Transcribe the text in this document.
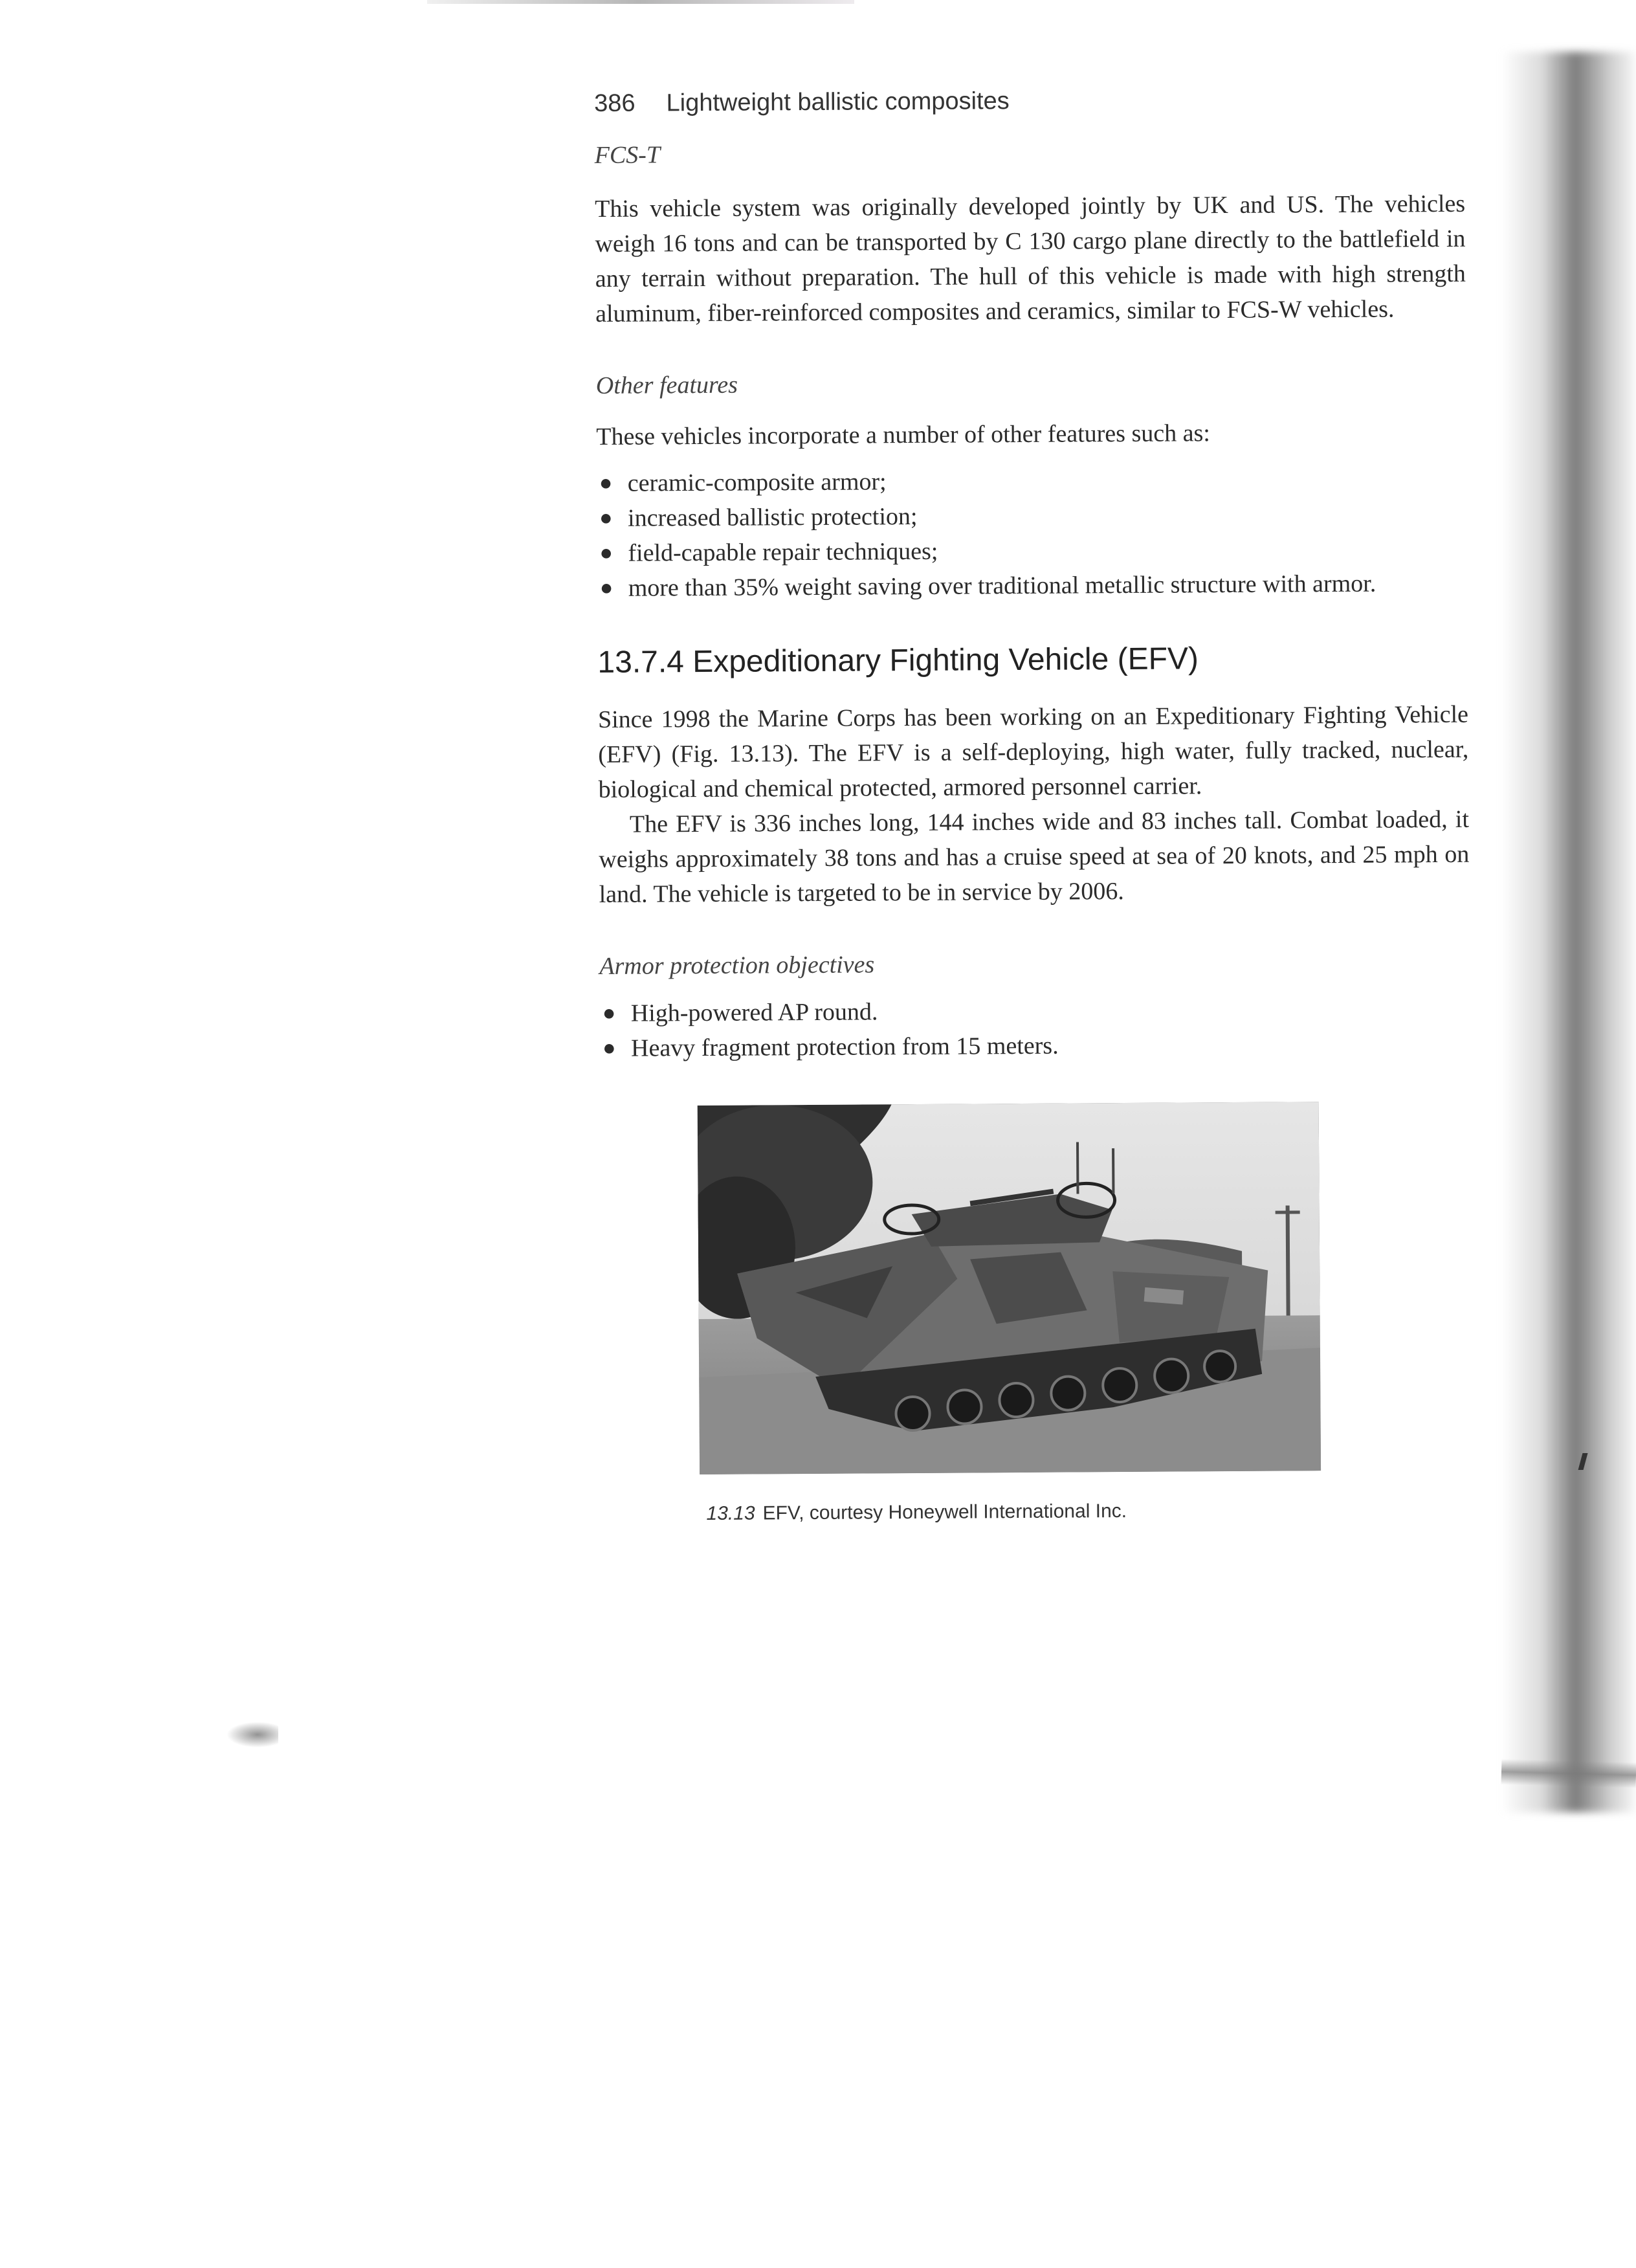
386 Lightweight ballistic composites
FCS-T

This vehicle system was originally developed jointly by UK and US. The vehicles weigh 16 tons and can be transported by C 130 cargo plane directly to the battlefield in any terrain without preparation. The hull of this vehicle is made with high strength aluminum, fiber-reinforced composites and ceramics, similar to FCS-W vehicles.

Other features

These vehicles incorporate a number of other features such as:

● ceramic-composite armor;
● increased ballistic protection;
● field-capable repair techniques;
● more than 35% weight saving over traditional metallic structure with armor.
13.7.4 Expeditionary Fighting Vehicle (EFV)

Since 1998 the Marine Corps has been working on an Expeditionary Fighting Vehicle (EFV) (Fig. 13.13). The EFV is a self-deploying, high water, fully tracked, nuclear, biological and chemical protected, armored personnel carrier.

The EFV is 336 inches long, 144 inches wide and 83 inches tall. Combat loaded, it weighs approximately 38 tons and has a cruise speed at sea of 20 knots, and 25 mph on land. The vehicle is targeted to be in service by 2006.

Armor protection objectives
● High-powered AP round.
● Heavy fragment protection from 15 meters.
13.13 EFV, courtesy Honeywell International Inc.
